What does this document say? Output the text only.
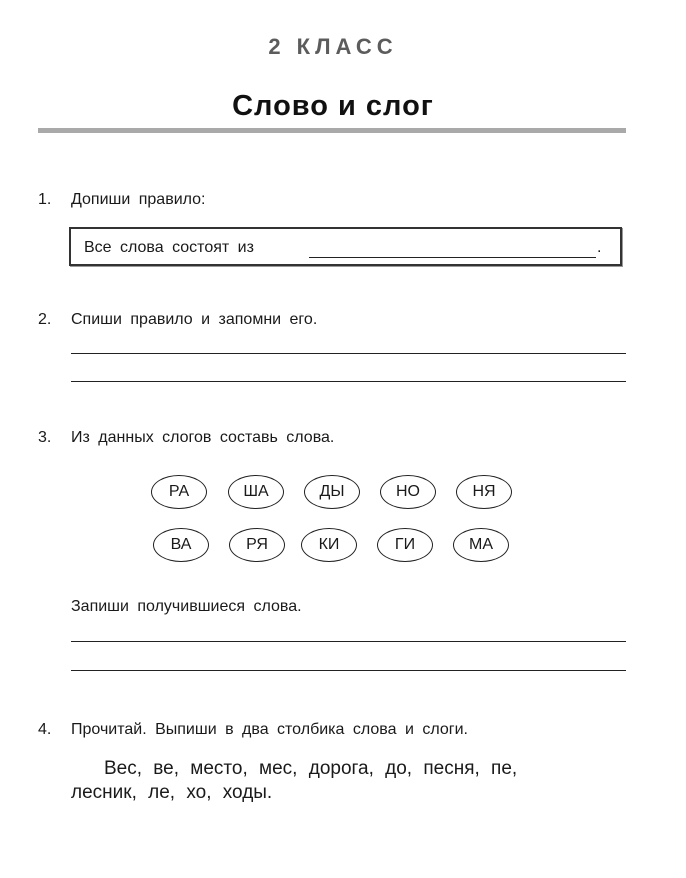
2 КЛАСС
Слово и слог
1. Допиши правило:
Все слова состоят из	.
2. Спиши правило и запомни его.
3. Из данных слогов составь слова.
РА	ША	ДЫ	НО	НЯ
ВА	РЯ	КИ	ГИ	МА
Запиши получившиеся слова.
4. Прочитай. Выпиши в два столбика слова и слоги.
Вес, ве, место, мес, дорога, до, песня, пе,
лесник, ле, хо, ходы.
